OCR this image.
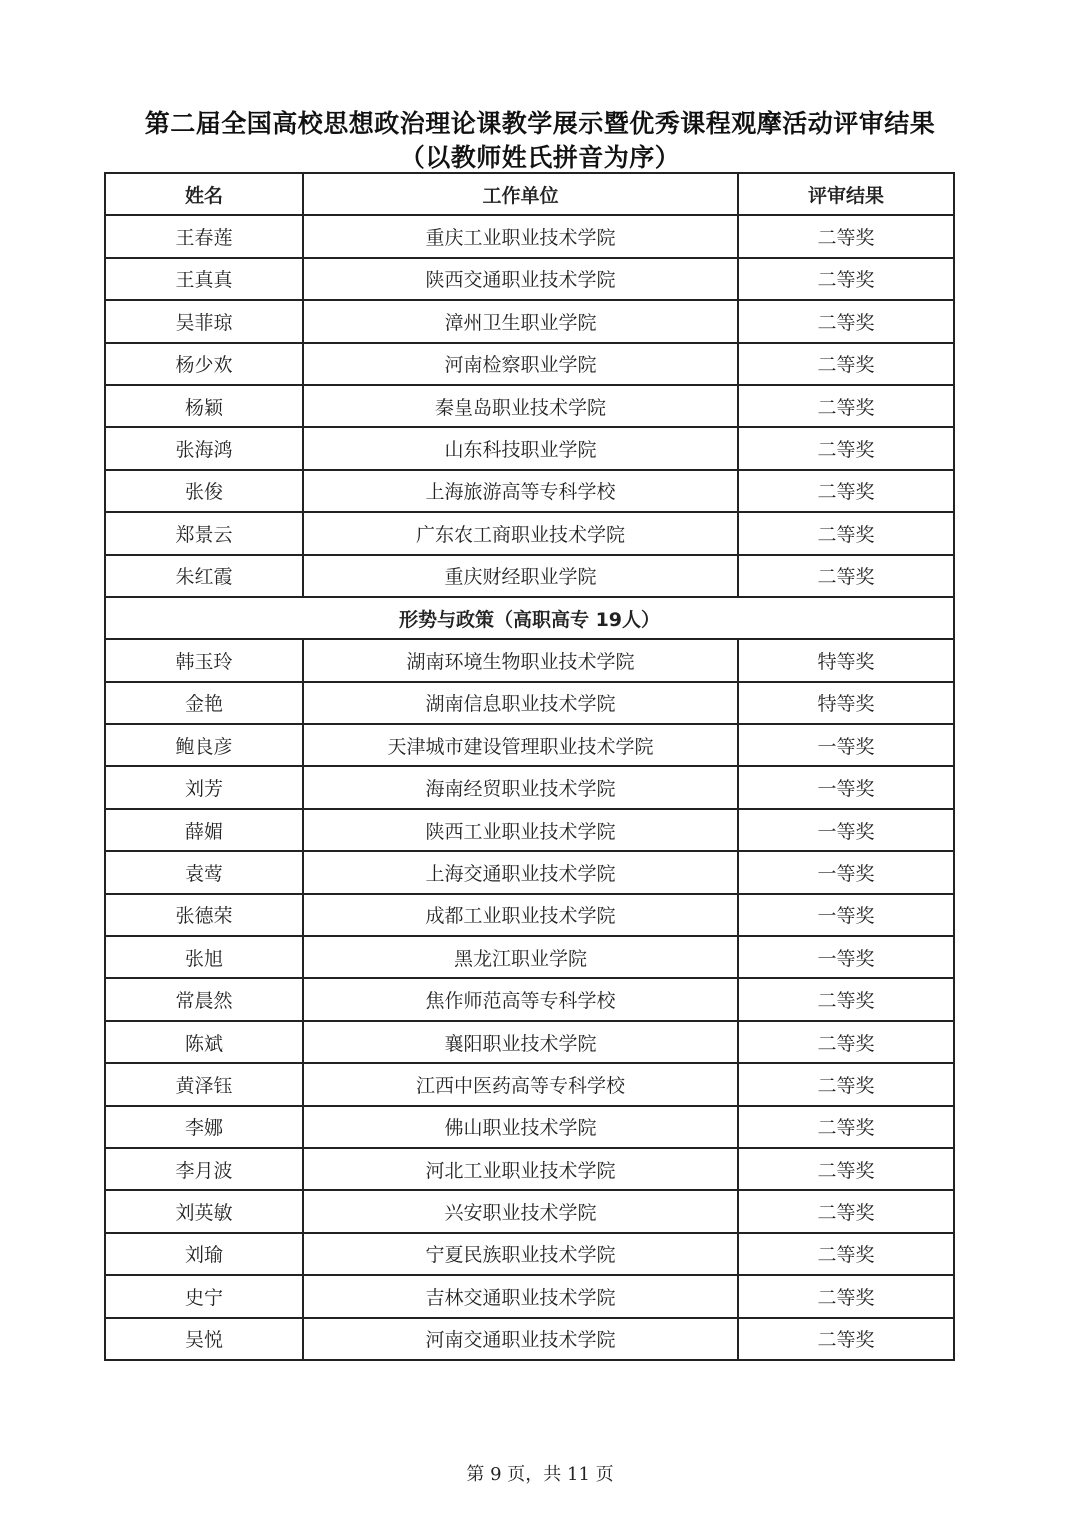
第二届全国高校思想政治理论课教学展示暨优秀课程观摩活动评审结果
（以教师姓氏拼音为序）
姓名	工作单位	评审结果
王春莲	重庆工业职业技术学院	二等奖
王真真	陕西交通职业技术学院	二等奖
吴菲琼	漳州卫生职业学院	二等奖
杨少欢	河南检察职业学院	二等奖
杨颖	秦皇岛职业技术学院	二等奖
张海鸿	山东科技职业学院	二等奖
张俊	上海旅游高等专科学校	二等奖
郑景云	广东农工商职业技术学院	二等奖
朱红霞	重庆财经职业学院	二等奖
形势与政策（高职高专 19人）		
韩玉玲	湖南环境生物职业技术学院	特等奖
金艳	湖南信息职业技术学院	特等奖
鲍良彦	天津城市建设管理职业技术学院	一等奖
刘芳	海南经贸职业技术学院	一等奖
薛媚	陕西工业职业技术学院	一等奖
袁莺	上海交通职业技术学院	一等奖
张德荣	成都工业职业技术学院	一等奖
张旭	黑龙江职业学院	一等奖
常晨然	焦作师范高等专科学校	二等奖
陈斌	襄阳职业技术学院	二等奖
黄泽钰	江西中医药高等专科学校	二等奖
李娜	佛山职业技术学院	二等奖
李月波	河北工业职业技术学院	二等奖
刘英敏	兴安职业技术学院	二等奖
刘瑜	宁夏民族职业技术学院	二等奖
史宁	吉林交通职业技术学院	二等奖
吴悦	河南交通职业技术学院	二等奖
第 9 页，共 11 页
